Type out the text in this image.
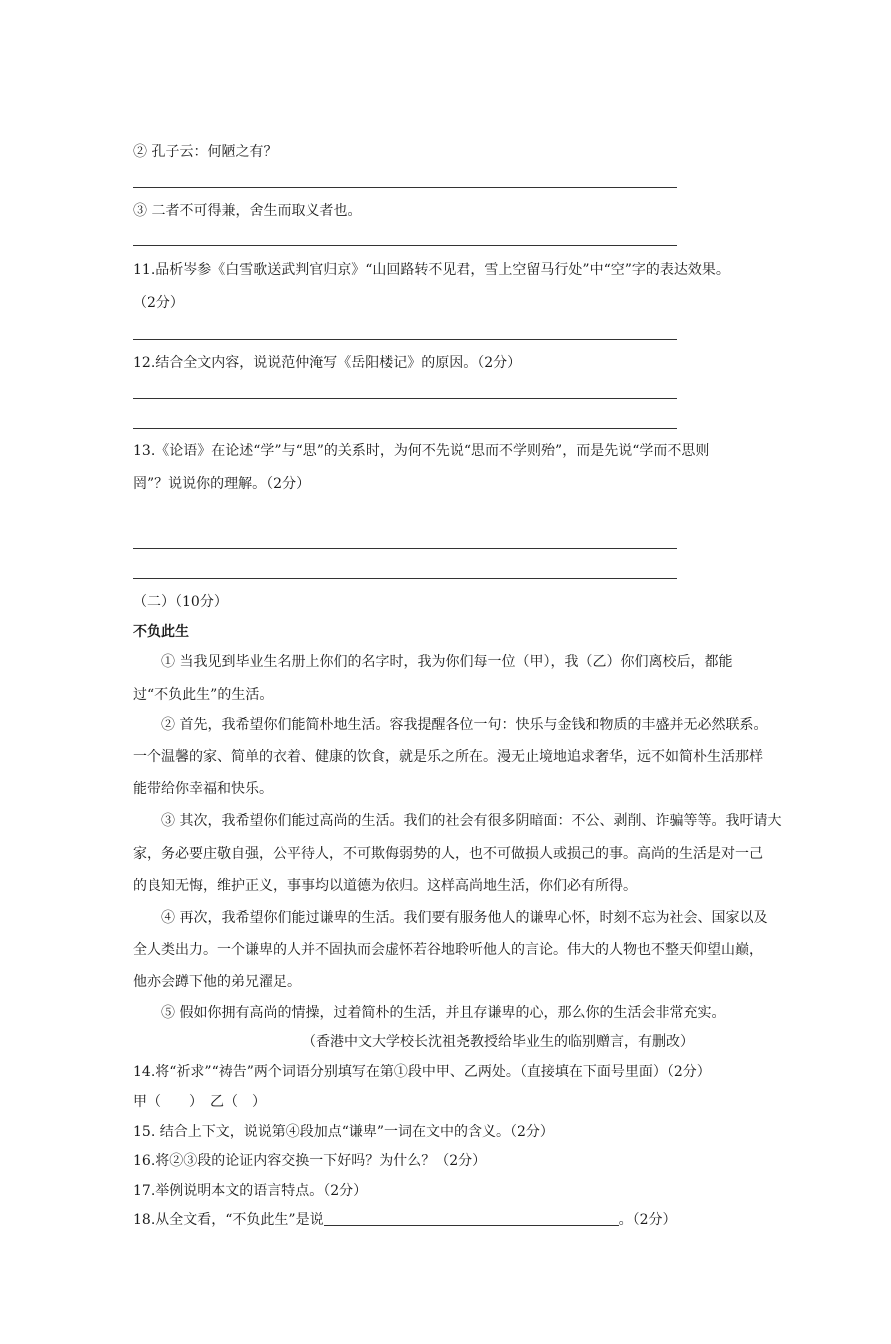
② 孔子云：何陋之有？
③ 二者不可得兼，舍生而取义者也。
11.品析岑参《白雪歌送武判官归京》“山回路转不见君，雪上空留马行处”中“空”字的表达效果。
（2分）
12.结合全文内容，说说范仲淹写《岳阳楼记》的原因。（2分）
13.《论语》在论述“学”与“思”的关系时，为何不先说“思而不学则殆”，而是先说“学而不思则
罔”？说说你的理解。（2分）
（二）（10分）
不负此生
① 当我见到毕业生名册上你们的名字时，我为你们每一位（甲），我（乙）你们离校后，都能
过“不负此生”的生活。
② 首先，我希望你们能简朴地生活。容我提醒各位一句：快乐与金钱和物质的丰盛并无必然联系。
一个温馨的家、简单的衣着、健康的饮食，就是乐之所在。漫无止境地追求奢华，远不如简朴生活那样
能带给你幸福和快乐。
③ 其次，我希望你们能过高尚的生活。我们的社会有很多阴暗面：不公、剥削、诈骗等等。我吁请大
家，务必要庄敬自强，公平待人，不可欺侮弱势的人，也不可做损人或损己的事。高尚的生活是对一己
的良知无悔，维护正义，事事均以道德为依归。这样高尚地生活，你们必有所得。
④ 再次，我希望你们能过谦卑的生活。我们要有服务他人的谦卑心怀，时刻不忘为社会、国家以及
全人类出力。一个谦卑的人并不固执而会虚怀若谷地聆听他人的言论。伟大的人物也不整天仰望山巅，
他亦会蹲下他的弟兄濯足。
⑤ 假如你拥有高尚的情操，过着简朴的生活，并且存谦卑的心，那么你的生活会非常充实。
（香港中文大学校长沈祖尧教授给毕业生的临别赠言，有删改）
14.将“祈求”“祷告”两个词语分别填写在第①段中甲、乙两处。（直接填在下面号里面）（2分）
甲（　　）　乙（　）
15. 结合上下文，说说第④段加点“谦卑”一词在文中的含义。（2分）
16.将②③段的论证内容交换一下好吗？为什么？（2分）
17.举例说明本文的语言特点。（2分）
18.从全文看，“不负此生”是说	。（2分）
